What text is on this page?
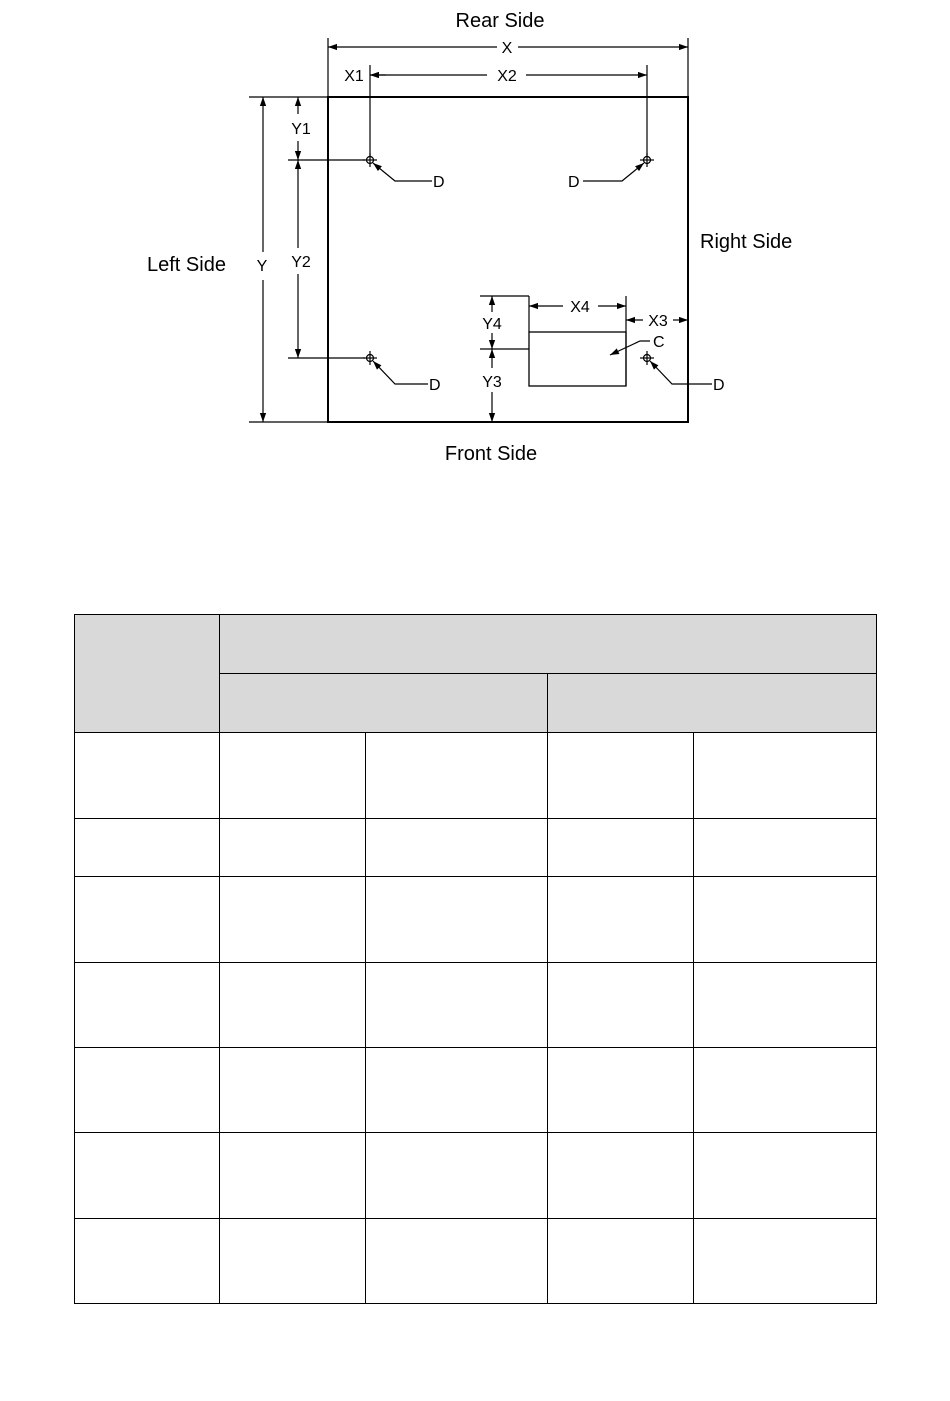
Rear Side
Front Side
Left Side
Right Side
X
X1	X2
X3
X4
Y
Y1
Y2
Y3
Y4
D	D
D	D
C
